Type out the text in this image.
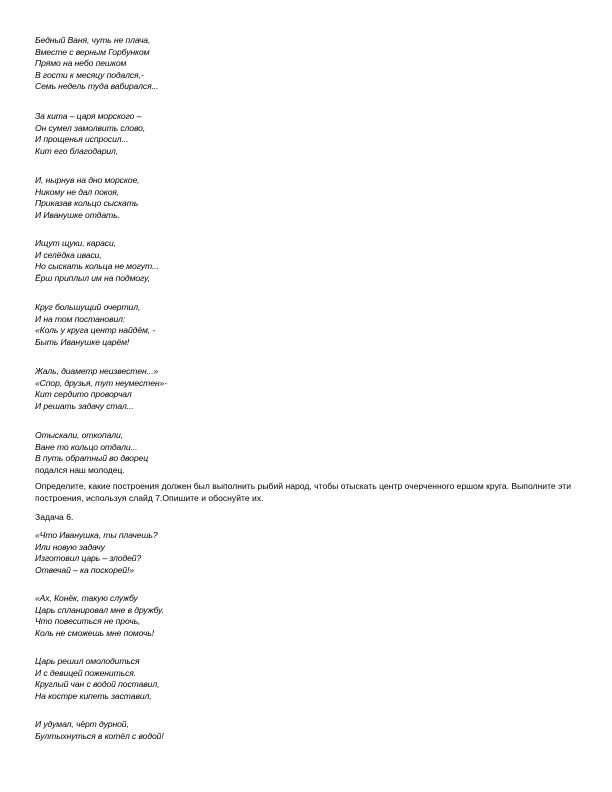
Бедный Ваня, чуть не плача,
Вместе с верным Горбунком
Прямо на небо пешком
В гости к месяцу подался,-
Семь недель туда вабирался...
За кита – царя морского –
Он сумел замолвить слово,
И прощенья испросил...
Кит его благодарил,
И, нырнув на дно морское,
Никому не дал покоя,
Приказав кольцо сыскать
И Иванушке отдать.
Ищут щуки, караси,
И селёдка иваси,
Но сыскать кольца не могут...
Ёрш приплыл им на подмогу,
Круг большущий очертил,
И на том постановил:
«Коль у круга центр найдём, -
Быть Иванушке царём!
Жаль, диаметр неизвестен...»
«Спор, друзья, тут неуместен»-
Кит сердито проворчал
И решать задачу стал...
Отыскали, откопали,
Ване то кольцо отдали...
В путь обратный во дворец
подался наш молодец.
Определите, какие построения должен был выполнить рыбий народ, чтобы отыскать центр очерченного ершом круга. Выполните эти построения, используя слайд 7.Опишите и обоснуйте их.
Задача 6.
«Что Иванушка, ты плачешь?
Или новую задачу
Изготовил царь – злодей?
Отвечай – ка поскорей!»
«Ах, Конёк, такую службу
Царь спланировал мне в дружбу.
Что повеситься не прочь,
Коль не сможешь мне помочь!
Царь решил омолодиться
И с девицей пожениться.
Круглый чан с водой поставил,
На костре кипеть заставил,
И удумал, чёрт дурной,
Бултыхнуться в котёл с водой!
